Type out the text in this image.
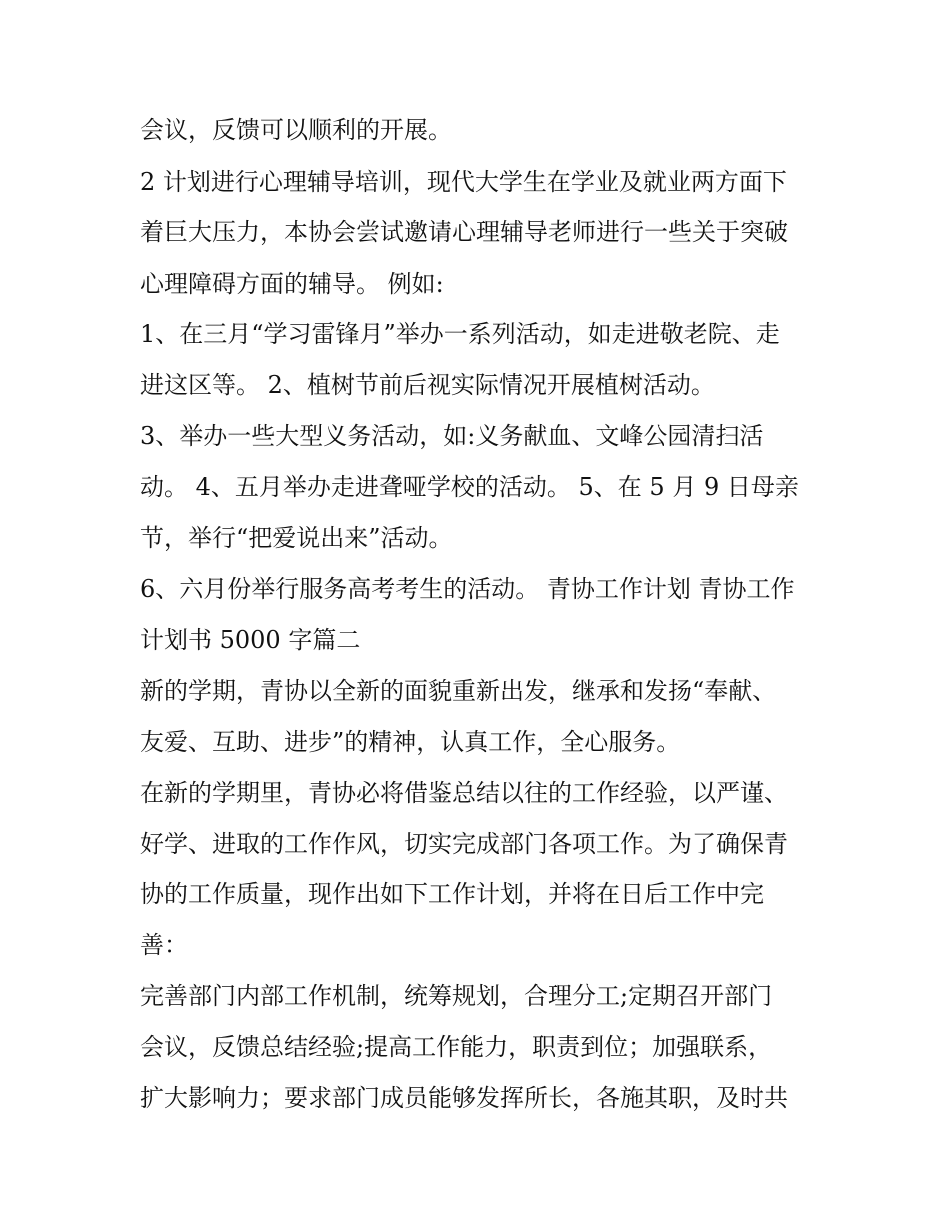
会议，反馈可以顺利的开展。
2 计划进行心理辅导培训，现代大学生在学业及就业两方面下
着巨大压力，本协会尝试邀请心理辅导老师进行一些关于突破
心理障碍方面的辅导。 例如:
1、在三月“学习雷锋月”举办一系列活动，如走进敬老院、走
进这区等。 2、植树节前后视实际情况开展植树活动。
3、举办一些大型义务活动，如:义务献血、文峰公园清扫活
动。 4、五月举办走进聋哑学校的活动。 5、在 5 月 9 日母亲
节，举行“把爱说出来”活动。
6、六月份举行服务高考考生的活动。 青协工作计划 青协工作
计划书 5000 字篇二
新的学期，青协以全新的面貌重新出发，继承和发扬“奉献、
友爱、互助、进步”的精神，认真工作，全心服务。
在新的学期里，青协必将借鉴总结以往的工作经验，以严谨、
好学、进取的工作作风，切实完成部门各项工作。为了确保青
协的工作质量，现作出如下工作计划，并将在日后工作中完
善：
完善部门内部工作机制，统筹规划，合理分工;定期召开部门
会议，反馈总结经验;提高工作能力，职责到位；加强联系，
扩大影响力；要求部门成员能够发挥所长，各施其职，及时共
